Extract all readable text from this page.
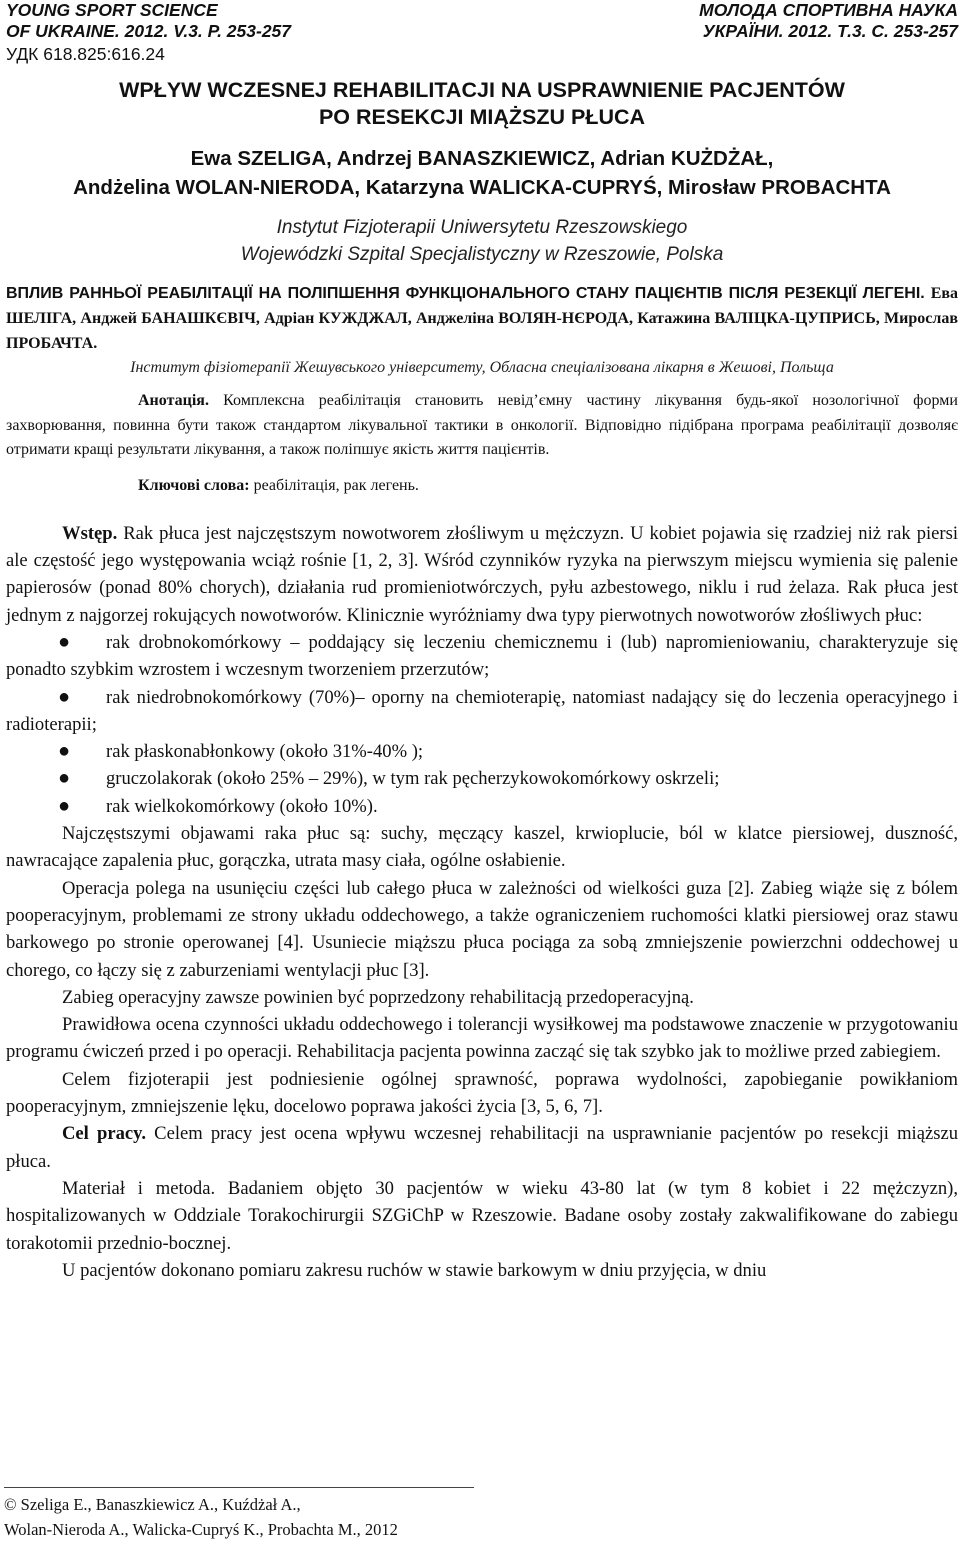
YOUNG SPORT SCIENCE
OF UKRAINE. 2012. V.3. P. 253-257
МОЛОДА СПОРТИВНА НАУКА
УКРАЇНИ. 2012. Т.3. С. 253-257
УДК 618.825:616.24
WPŁYW WCZESNEJ REHABILITACJI NA USPRAWNIENIE PACJENTÓW
PO RESEKCJI MIĄŻSZU PŁUCA
Ewa SZELIGA, Andrzej BANASZKIEWICZ, Adrian KUŻDŻAŁ,
Andżelina WOLAN-NIERODA, Katarzyna WALICKA-CUPRYŚ, Mirosław PROBACHTA
Instytut Fizjoterapii Uniwersytetu Rzeszowskiego
Wojewódzki Szpital Specjalistyczny w Rzeszowie, Polska
ВПЛИВ РАННЬОЇ РЕАБІЛІТАЦІЇ НА ПОЛІПШЕННЯ ФУНКЦІОНАЛЬНОГО СТАНУ ПАЦІЄНТІВ ПІСЛЯ РЕЗЕКЦІЇ ЛЕГЕНІ. Ева ШЕЛІГА, Анджей БАНАШКЄВІЧ, Адріан КУЖДЖАЛ, Анджеліна ВОЛЯН-НЄРОДА, Катажина ВАЛІЦКА-ЦУПРИСЬ, Мирослав ПРОБАЧТА.
Інститут фізіотерапії Жешувського університету, Обласна спеціалізована лікарня в Жешові, Польща
Анотація. Комплексна реабілітація становить невід’ємну частину лікування будь-якої нозологічної форми захворювання, повинна бути також стандартом лікувальної тактики в онкології. Відповідно підібрана програма реабілітації дозволяє отримати кращі результати лікування, а також поліпшує якість життя пацієнтів.
Ключові слова: реабілітація, рак легень.

Wstęp. Rak płuca jest najczęstszym nowotworem złośliwym u mężczyzn. U kobiet pojawia się rzadziej niż rak piersi ale częstość jego występowania wciąż rośnie [1, 2, 3]. Wśród czynników ryzyka na pierwszym miejscu wymienia się palenie papierosów (ponad 80% chorych), działania rud promieniotwórczych, pyłu azbestowego, niklu i rud żelaza. Rak płuca jest jednym z najgorzej rokujących nowotworów. Klinicznie wyróżniamy dwa typy pierwotnych nowotworów złośliwych płuc:

● rak drobnokomórkowy – poddający się leczeniu chemicznemu i (lub) napromieniowaniu, charakteryzuje się ponadto szybkim wzrostem i wczesnym tworzeniem przerzutów;
● rak niedrobnokomórkowy (70%)– oporny na chemioterapię, natomiast nadający się do leczenia operacyjnego i radioterapii;
● rak płaskonabłonkowy (około 31%-40% );
● gruczolakorak (około 25% – 29%), w tym rak pęcherzykowokomórkowy oskrzeli;
● rak wielkokomórkowy (około 10%).

Najczęstszymi objawami raka płuc są: suchy, męczący kaszel, krwioplucie, ból w klatce piersiowej, duszność, nawracające zapalenia płuc, gorączka, utrata masy ciała, ogólne osłabienie.

Operacja polega na usunięciu części lub całego płuca w zależności od wielkości guza [2]. Zabieg wiąże się z bólem pooperacyjnym, problemami ze strony układu oddechowego, a także ograniczeniem ruchomości klatki piersiowej oraz stawu barkowego po stronie operowanej [4]. Usuniecie miąższu płuca pociąga za sobą zmniejszenie powierzchni oddechowej u chorego, co łączy się z zaburzeniami wentylacji płuc [3].

Zabieg operacyjny zawsze powinien być poprzedzony rehabilitacją przedoperacyjną.

Prawidłowa ocena czynności układu oddechowego i tolerancji wysiłkowej ma podstawowe znaczenie w przygotowaniu programu ćwiczeń przed i po operacji. Rehabilitacja pacjenta powinna zacząć się tak szybko jak to możliwe przed zabiegiem.

Celem fizjoterapii jest podniesienie ogólnej sprawność, poprawa wydolności, zapobieganie powikłaniom pooperacyjnym, zmniejszenie lęku, docelowo poprawa jakości życia [3, 5, 6, 7].

Cel pracy. Celem pracy jest ocena wpływu wczesnej rehabilitacji na usprawnianie pacjentów po resekcji miąższu płuca.

Materiał i metoda. Badaniem objęto 30 pacjentów w wieku 43-80 lat (w tym 8 kobiet i 22 mężczyzn), hospitalizowanych w Oddziale Torakochirurgii SZGiChP w Rzeszowie. Badane osoby zostały zakwalifikowane do zabiegu torakotomii przednio-bocznej.

U pacjentów dokonano pomiaru zakresu ruchów w stawie barkowym w dniu przyjęcia, w dniu

© Szeliga E., Banaszkiewicz A., Kuźdżał A.,
Wolan-Nieroda A., Walicka-Cupryś K., Probachta M., 2012
